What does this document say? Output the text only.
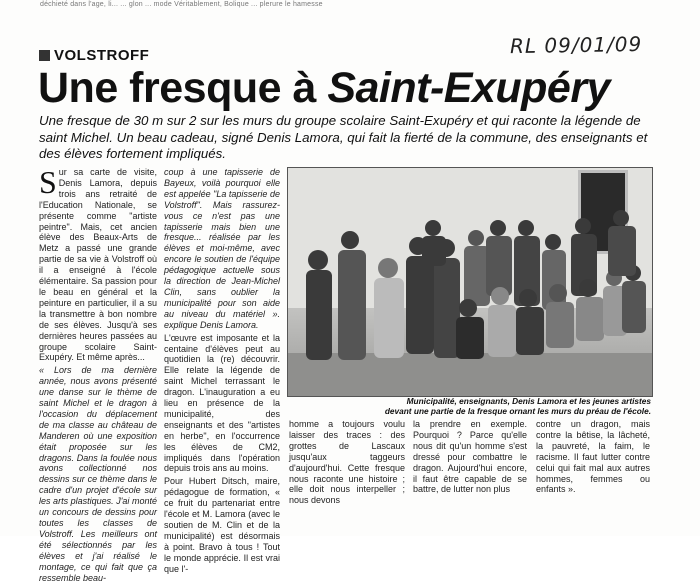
déchieté dans l'age, li... ... glon ... mode Véritablement, Bolique ... plerure le hamesse
RL 09/01/09
VOLSTROFF
Une fresque à Saint-Exupéry
Une fresque de 30 m sur 2 sur les murs du groupe scolaire Saint-Exupéry et qui raconte la légende de saint Michel. Un beau cadeau, signé Denis Lamora, qui fait la fierté de la commune, des enseignants et des élèves fortement impliqués.

Sur sa carte de visite, Denis Lamora, depuis trois ans retraité de l'Education Nationale, se présente comme "artiste peintre". Mais, cet ancien élève des Beaux-Arts de Metz a passé une grande partie de sa vie à Volstroff où il a enseigné à l'école élémentaire. Sa passion pour le beau en général et la peinture en particulier, il a su la transmettre à bon nombre de ses élèves. Jusqu'à ses dernières heures passées au groupe scolaire Saint-Exupéry. Et même après...

« Lors de ma dernière année, nous avons présenté une danse sur le thème de saint Michel et le dragon à l'occasion du déplacement de ma classe au château de Manderen où une exposition était proposée sur les dragons. Dans la foulée nous avons collectionné nos dessins sur ce thème dans le cadre d'un projet d'école sur les arts plastiques. J'ai monté un concours de dessins pour toutes les classes de Volstroff. Les meilleurs ont été sélectionnés par les élèves et j'ai réalisé le montage, ce qui fait que ça ressemble beau-

coup à une tapisserie de Bayeux, voilà pourquoi elle est appelée "La tapisserie de Volstroff". Mais rassurez-vous ce n'est pas une tapisserie mais bien une fresque... réalisée par les élèves et moi-même, avec encore le soutien de l'équipe pédagogique actuelle sous la direction de Jean-Michel Clin, sans oublier la municipalité pour son aide au niveau du matériel ». explique Denis Lamora.

L'œuvre est imposante et la centaine d'élèves peut au quotidien la (re) découvrir. Elle relate la légende de saint Michel terrassant le dragon. L'inauguration a eu lieu en présence de la municipalité, des enseignants et des "artistes en herbe", en l'occurrence les élèves de CM2, impliqués dans l'opération depuis trois ans au moins.

Pour Hubert Ditsch, maire, pédagogue de formation, « ce fruit du partenariat entre l'école et M. Lamora (avec le soutien de M. Clin et de la municipalité) est désormais à point. Bravo à tous ! Tout le monde apprécie. Il est vrai que l'-

Municipalité, enseignants, Denis Lamora et les jeunes artistes
devant une partie de la fresque ornant les murs du préau de l'école.
homme a toujours voulu laisser des traces : des grottes de Lascaux jusqu'aux taggeurs d'aujourd'hui. Cette fresque nous raconte une histoire ; elle doit nous interpeller ; nous devons
la prendre en exemple. Pourquoi ? Parce qu'elle nous dit qu'un homme s'est dressé pour combattre le dragon. Aujourd'hui encore, il faut être capable de se battre, de lutter non plus
contre un dragon, mais contre la bêtise, la lâcheté, la pauvreté, la faim, le racisme. Il faut lutter contre celui qui fait mal aux autres hommes, femmes ou enfants ».
